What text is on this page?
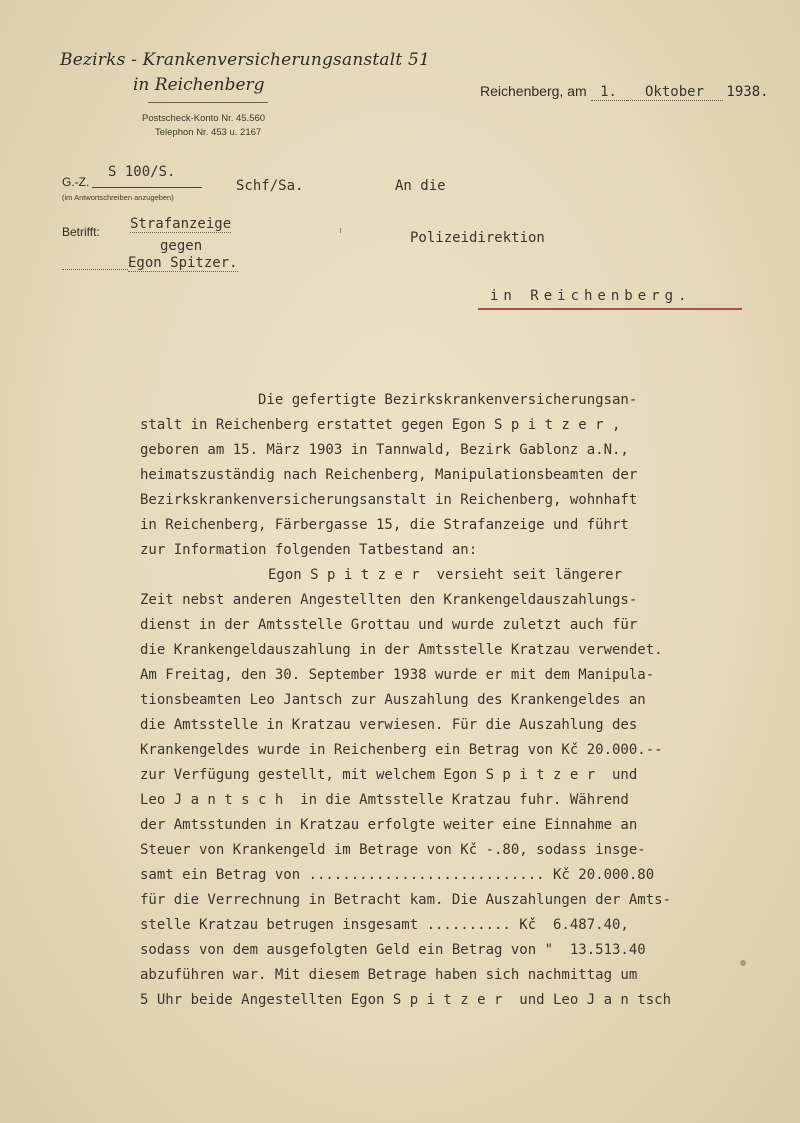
Bezirks - Krankenversicherungsanstalt 51
in Reichenberg
Postscheck-Konto Nr. 45.560
Telephon Nr. 453 u. 2167
Reichenberg, am 1. Oktober 1938.
G.-Z.
S 100/S.
(im Antwortschreiben anzugeben)
Schf/Sa.	An die
Betrifft: Strafanzeige
gegen
Egon Spitzer.
Polizeidirektion
in Reichenberg.
Die gefertigte Bezirkskrankenversicherungsan-
stalt in Reichenberg erstattet gegen Egon S p i t z e r ,
geboren am 15. März 1903 in Tannwald, Bezirk Gablonz a.N.,
heimatszuständig nach Reichenberg, Manipulationsbeamten der
Bezirkskrankenversicherungsanstalt in Reichenberg, wohnhaft
in Reichenberg, Färbergasse 15, die Strafanzeige und führt
zur Information folgenden Tatbestand an:
Egon S p i t z e r  versieht seit längerer
Zeit nebst anderen Angestellten den Krankengeldauszahlungs-
dienst in der Amtsstelle Grottau und wurde zuletzt auch für
die Krankengeldauszahlung in der Amtsstelle Kratzau verwendet.
Am Freitag, den 30. September 1938 wurde er mit dem Manipula-
tionsbeamten Leo Jantsch zur Auszahlung des Krankengeldes an
die Amtsstelle in Kratzau verwiesen. Für die Auszahlung des
Krankengeldes wurde in Reichenberg ein Betrag von Kč 20.000.--
zur Verfügung gestellt, mit welchem Egon S p i t z e r  und
Leo J a n t s c h  in die Amtsstelle Kratzau fuhr. Während
der Amtsstunden in Kratzau erfolgte weiter eine Einnahme an
Steuer von Krankengeld im Betrage von Kč -.80, sodass insge-
samt ein Betrag von ............................ Kč 20.000.80
für die Verrechnung in Betracht kam. Die Auszahlungen der Amts-
stelle Kratzau betrugen insgesamt .......... Kč  6.487.40,
sodass von dem ausgefolgten Geld ein Betrag von "  13.513.40
abzuführen war. Mit diesem Betrage haben sich nachmittag um
5 Uhr beide Angestellten Egon S p i t z e r  und Leo J a n tsch
